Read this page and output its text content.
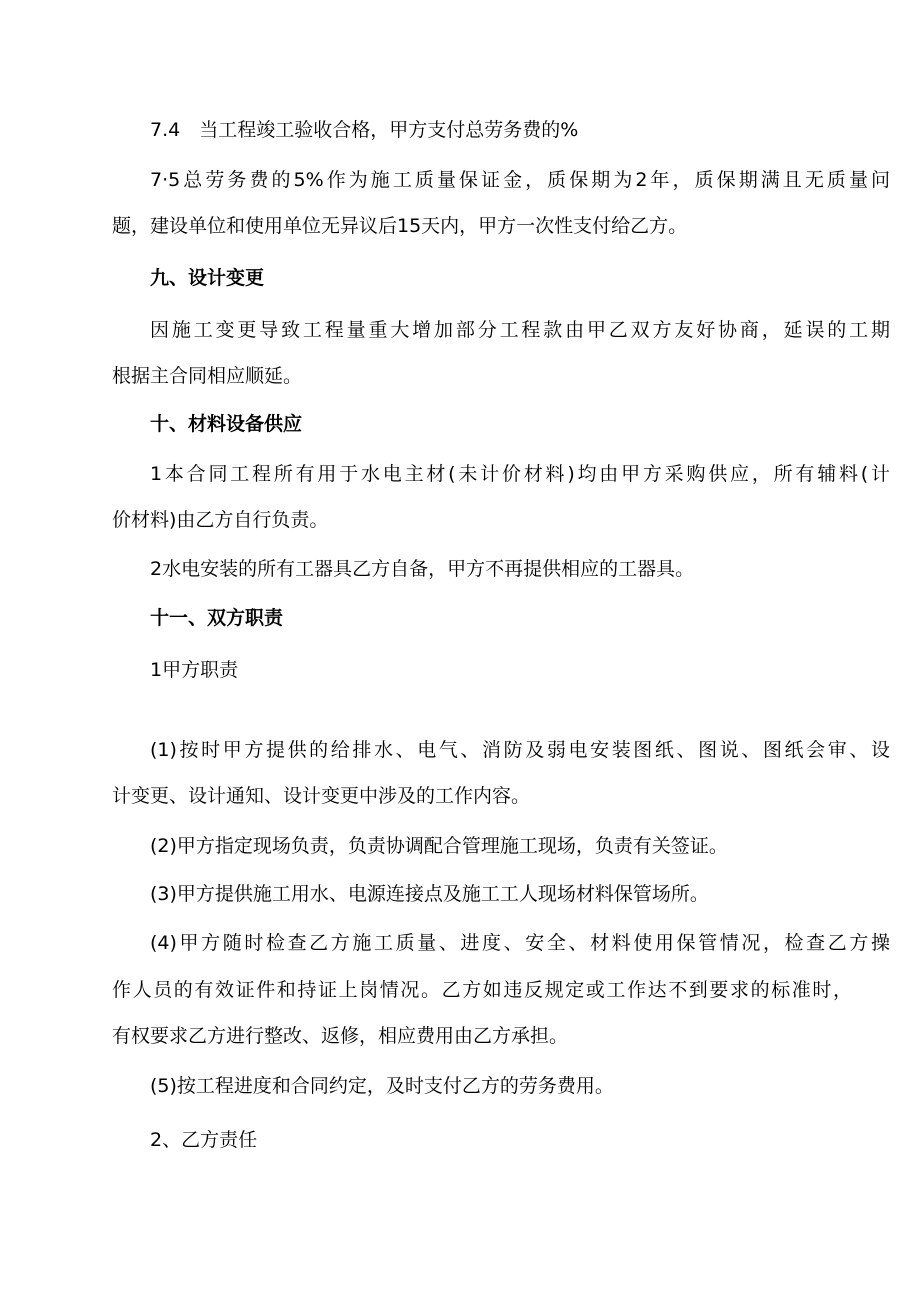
7.4　当工程竣工验收合格，甲方支付总劳务费的%
7·5总劳务费的5%作为施工质量保证金，质保期为2年，质保期满且无质量问
题，建设单位和使用单位无异议后15天内，甲方一次性支付给乙方。
九、设计变更
因施工变更导致工程量重大增加部分工程款由甲乙双方友好协商，延误的工期
根据主合同相应顺延。
十、材料设备供应
1本合同工程所有用于水电主材(未计价材料)均由甲方采购供应，所有辅料(计
价材料)由乙方自行负责。
2水电安装的所有工器具乙方自备，甲方不再提供相应的工器具。
十一、双方职责
1甲方职责
(1)按时甲方提供的给排水、电气、消防及弱电安装图纸、图说、图纸会审、设
计变更、设计通知、设计变更中涉及的工作内容。
(2)甲方指定现场负责，负责协调配合管理施工现场，负责有关签证。
(3)甲方提供施工用水、电源连接点及施工工人现场材料保管场所。
(4)甲方随时检查乙方施工质量、进度、安全、材料使用保管情况，检查乙方操
作人员的有效证件和持证上岗情况。乙方如违反规定或工作达不到要求的标准时，
有权要求乙方进行整改、返修，相应费用由乙方承担。
(5)按工程进度和合同约定，及时支付乙方的劳务费用。
2、乙方责任
